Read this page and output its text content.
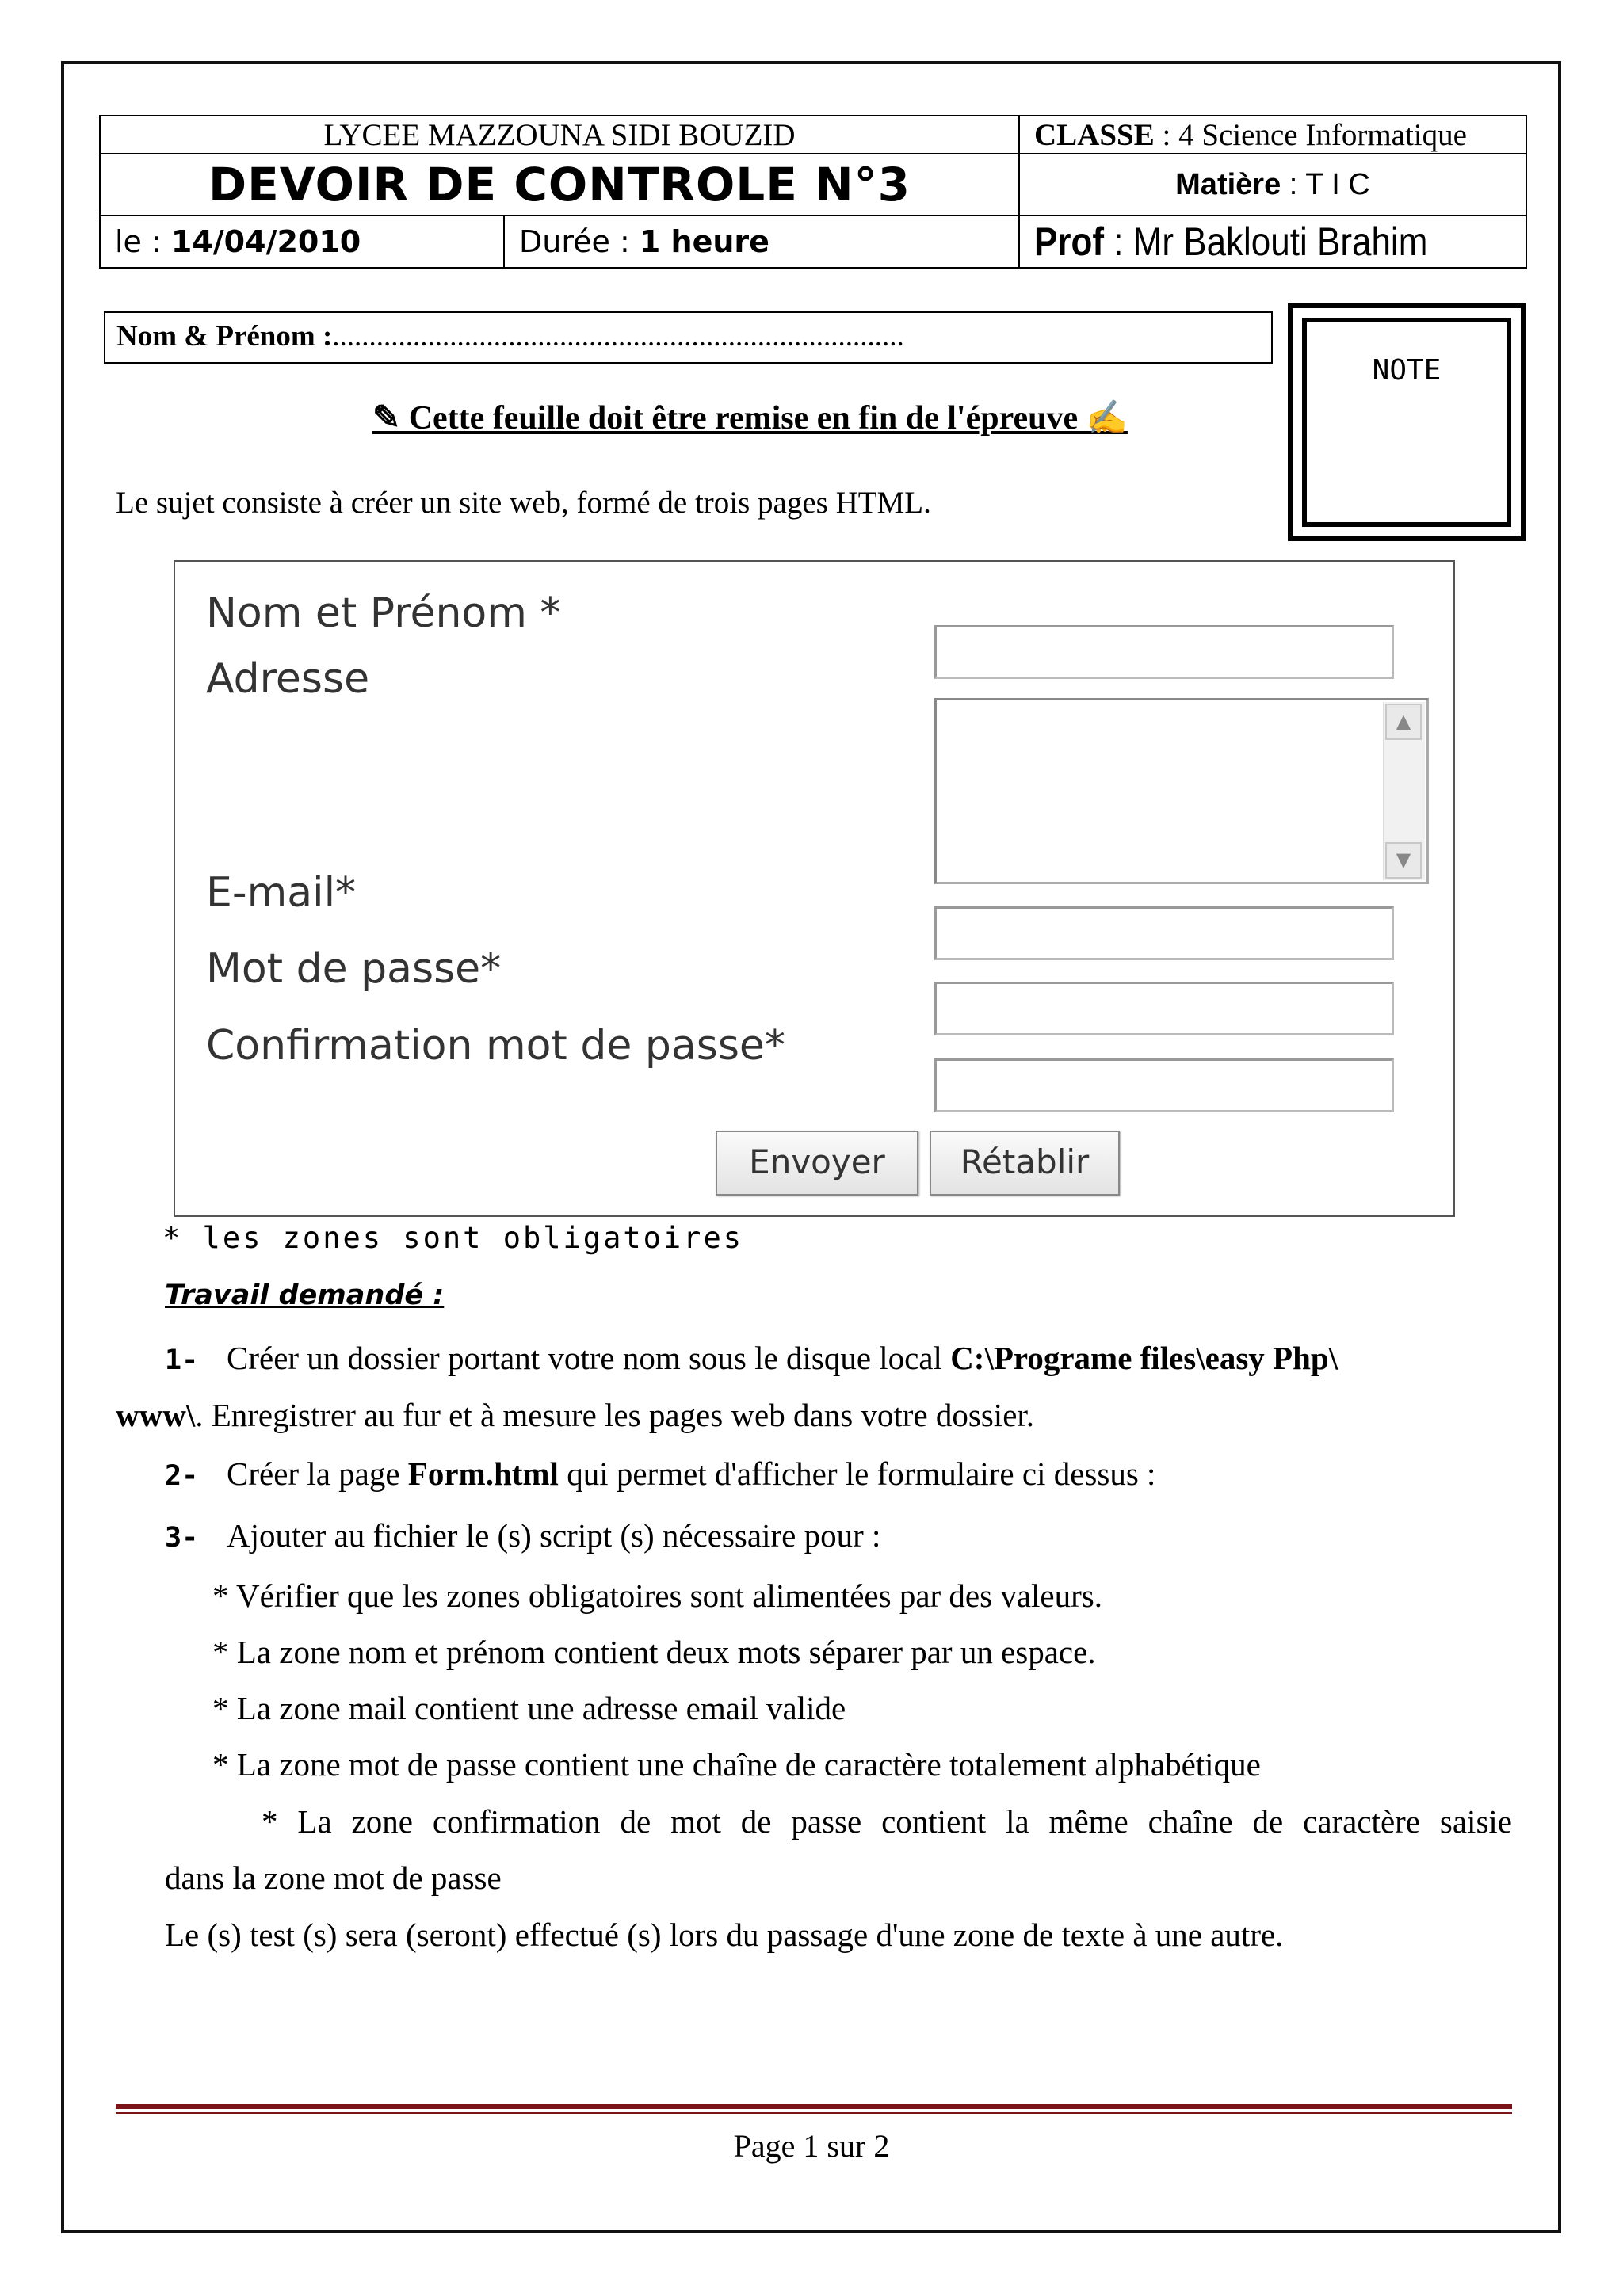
LYCEE MAZZOUNA SIDI BOUZID		CLASSE : 4 Science Informatique
DEVOIR DE CONTROLE N°3		Matière : T I C
le : 14/04/2010	Durée : 1 heure	Prof : Mr Baklouti Brahim
Nom & Prénom :..............................................................................
NOTE
✎ Cette feuille doit être remise en fin de l'épreuve ✍
Le sujet consiste à créer un site web, formé de trois pages HTML.
Nom et Prénom *
Adresse
▲
▼
E-mail*
Mot de passe*
Confirmation mot de passe*
Envoyer	Rétablir
* les zones sont obligatoires
Travail demandé :
1- Créer un dossier portant votre nom sous le disque local C:\Programe files\easy Php\
www\. Enregistrer au fur et à mesure les pages web dans votre dossier.
2- Créer la page Form.html qui permet d'afficher le formulaire ci dessus :
3- Ajouter au fichier le (s) script (s) nécessaire pour :
* Vérifier que les zones obligatoires sont alimentées par des valeurs.
* La zone nom et prénom contient deux mots séparer par un espace.
* La zone mail contient une adresse email valide
* La zone mot de passe contient une chaîne de caractère totalement alphabétique
* La zone confirmation de mot de passe contient la même chaîne de caractère saisie
dans la zone mot de passe
Le (s) test (s) sera (seront) effectué (s) lors du passage d'une zone de texte à une autre.
Page 1 sur 2
